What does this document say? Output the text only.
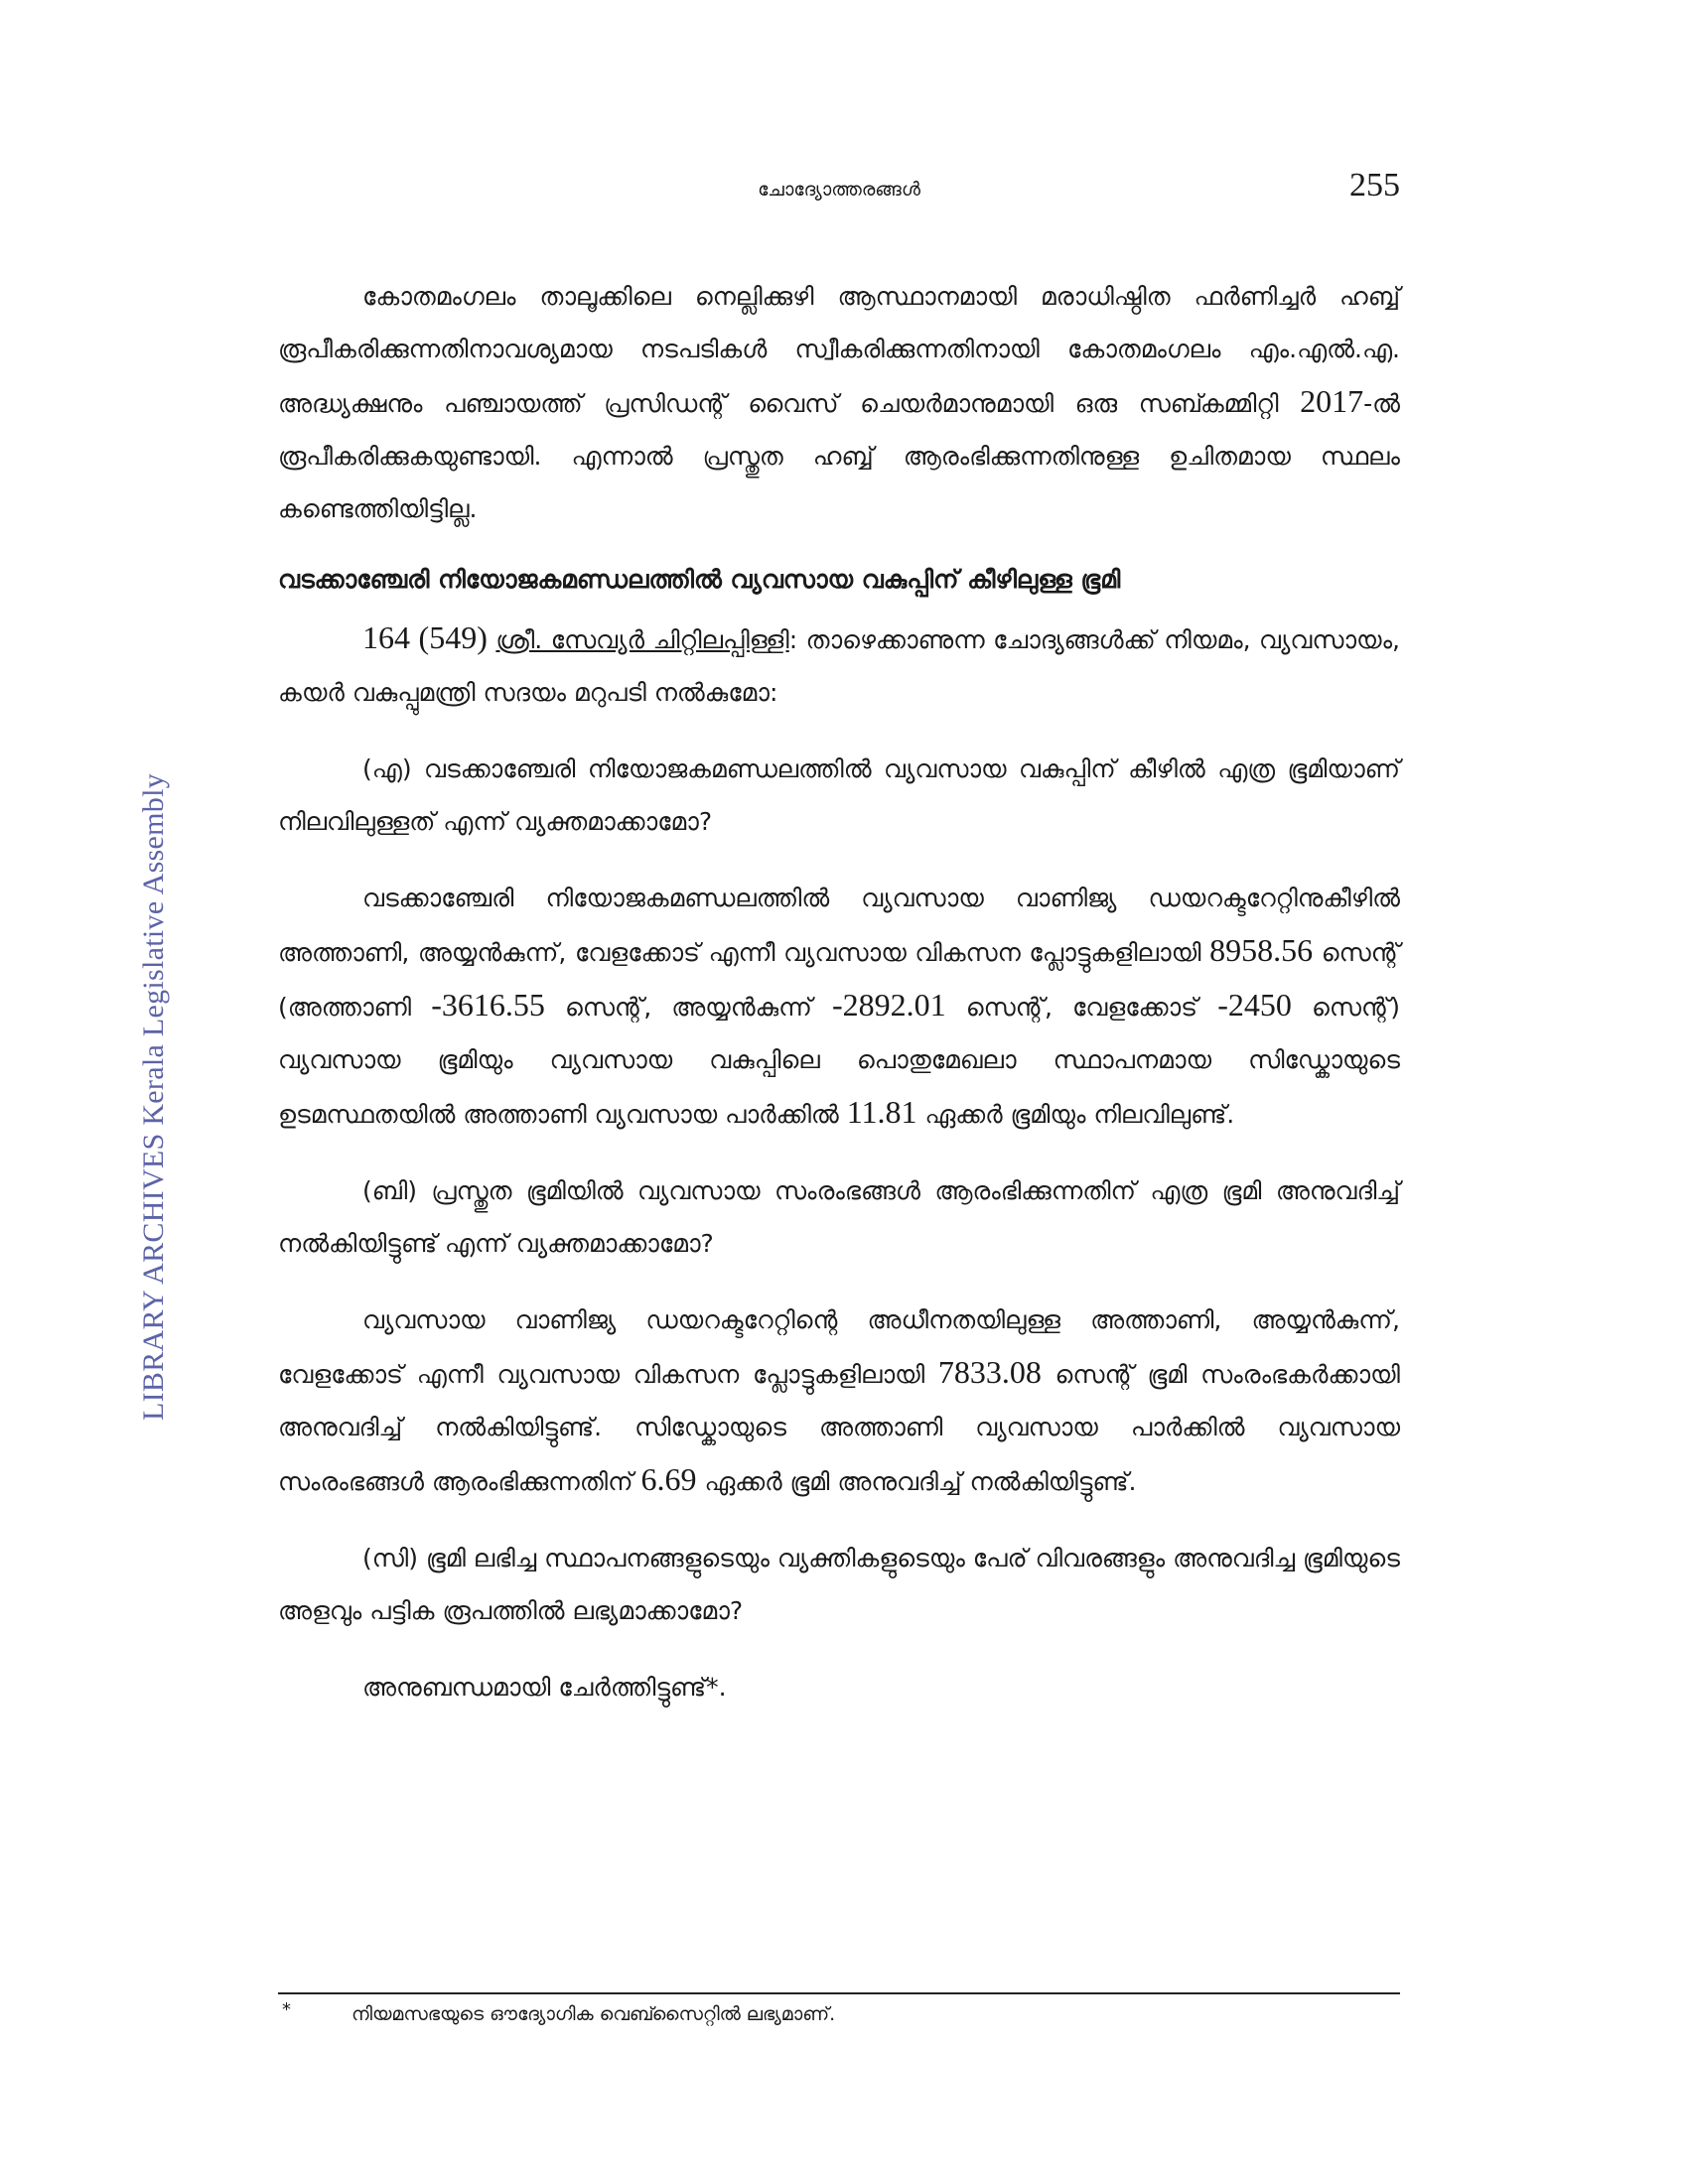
ചോദ്യോത്തരങ്ങൾ	255
LIBRARY ARCHIVES Kerala Legislative Assembly

കോതമംഗലം താലൂക്കിലെ നെല്ലിക്കുഴി ആസ്ഥാനമായി മരാധിഷ്ഠിത ഫർണിച്ചർ ഹബ്ബ് രൂപീകരിക്കുന്നതിനാവശ്യമായ നടപടികൾ സ്വീകരിക്കുന്നതിനായി കോതമംഗലം എം.എൽ.എ. അദ്ധ്യക്ഷനും പഞ്ചായത്ത് പ്രസിഡന്റ് വൈസ് ചെയർമാനുമായി ഒരു സബ്കമ്മിറ്റി 2017-ൽ രൂപീകരിക്കുകയുണ്ടായി. എന്നാൽ പ്രസ്തുത ഹബ്ബ് ആരംഭിക്കുന്നതിനുള്ള ഉചിതമായ സ്ഥലം കണ്ടെത്തിയിട്ടില്ല.

വടക്കാഞ്ചേരി നിയോജകമണ്ഡലത്തിൽ വ്യവസായ വകുപ്പിന് കീഴിലുള്ള ഭൂമി

164 (549) ശ്രീ. സേവ്യർ ചിറ്റിലപ്പിള്ളി: താഴെക്കാണുന്ന ചോദ്യങ്ങൾക്ക് നിയമം, വ്യവസായം, കയർ വകുപ്പുമന്ത്രി സദയം മറുപടി നൽകുമോ:

(എ) വടക്കാഞ്ചേരി നിയോജകമണ്ഡലത്തിൽ വ്യവസായ വകുപ്പിന് കീഴിൽ എത്ര ഭൂമിയാണ് നിലവിലുള്ളത് എന്ന് വ്യക്തമാക്കാമോ?

വടക്കാഞ്ചേരി നിയോജകമണ്ഡലത്തിൽ വ്യവസായ വാണിജ്യ ഡയറക്ടറേറ്റിനുകീഴിൽ അത്താണി, അയ്യൻകുന്ന്, വേളക്കോട് എന്നീ വ്യവസായ വികസന പ്ലോട്ടുകളിലായി 8958.56 സെന്റ് (അത്താണി -3616.55 സെന്റ്, അയ്യൻകുന്ന് -2892.01 സെന്റ്, വേളക്കോട് -2450 സെന്റ്) വ്യവസായ ഭൂമിയും വ്യവസായ വകുപ്പിലെ പൊതുമേഖലാ സ്ഥാപനമായ സിഡ്കോയുടെ ഉടമസ്ഥതയിൽ അത്താണി വ്യവസായ പാർക്കിൽ 11.81 ഏക്കർ ഭൂമിയും നിലവിലുണ്ട്.

(ബി) പ്രസ്തുത ഭൂമിയിൽ വ്യവസായ സംരംഭങ്ങൾ ആരംഭിക്കുന്നതിന് എത്ര ഭൂമി അനുവദിച്ച് നൽകിയിട്ടുണ്ട് എന്ന് വ്യക്തമാക്കാമോ?

വ്യവസായ വാണിജ്യ ഡയറക്ടറേറ്റിന്റെ അധീനതയിലുള്ള അത്താണി, അയ്യൻകുന്ന്, വേളക്കോട് എന്നീ വ്യവസായ വികസന പ്ലോട്ടുകളിലായി 7833.08 സെന്റ് ഭൂമി സംരംഭകർക്കായി അനുവദിച്ച് നൽകിയിട്ടുണ്ട്. സിഡ്കോയുടെ അത്താണി വ്യവസായ പാർക്കിൽ വ്യവസായ സംരംഭങ്ങൾ ആരംഭിക്കുന്നതിന് 6.69 ഏക്കർ ഭൂമി അനുവദിച്ച് നൽകിയിട്ടുണ്ട്.

(സി) ഭൂമി ലഭിച്ച സ്ഥാപനങ്ങളുടെയും വ്യക്തികളുടെയും പേര് വിവരങ്ങളും അനുവദിച്ച ഭൂമിയുടെ അളവും പട്ടിക രൂപത്തിൽ ലഭ്യമാക്കാമോ?

അനുബന്ധമായി ചേർത്തിട്ടുണ്ട്*.

*	നിയമസഭയുടെ ഔദ്യോഗിക വെബ്സൈറ്റിൽ ലഭ്യമാണ്.
